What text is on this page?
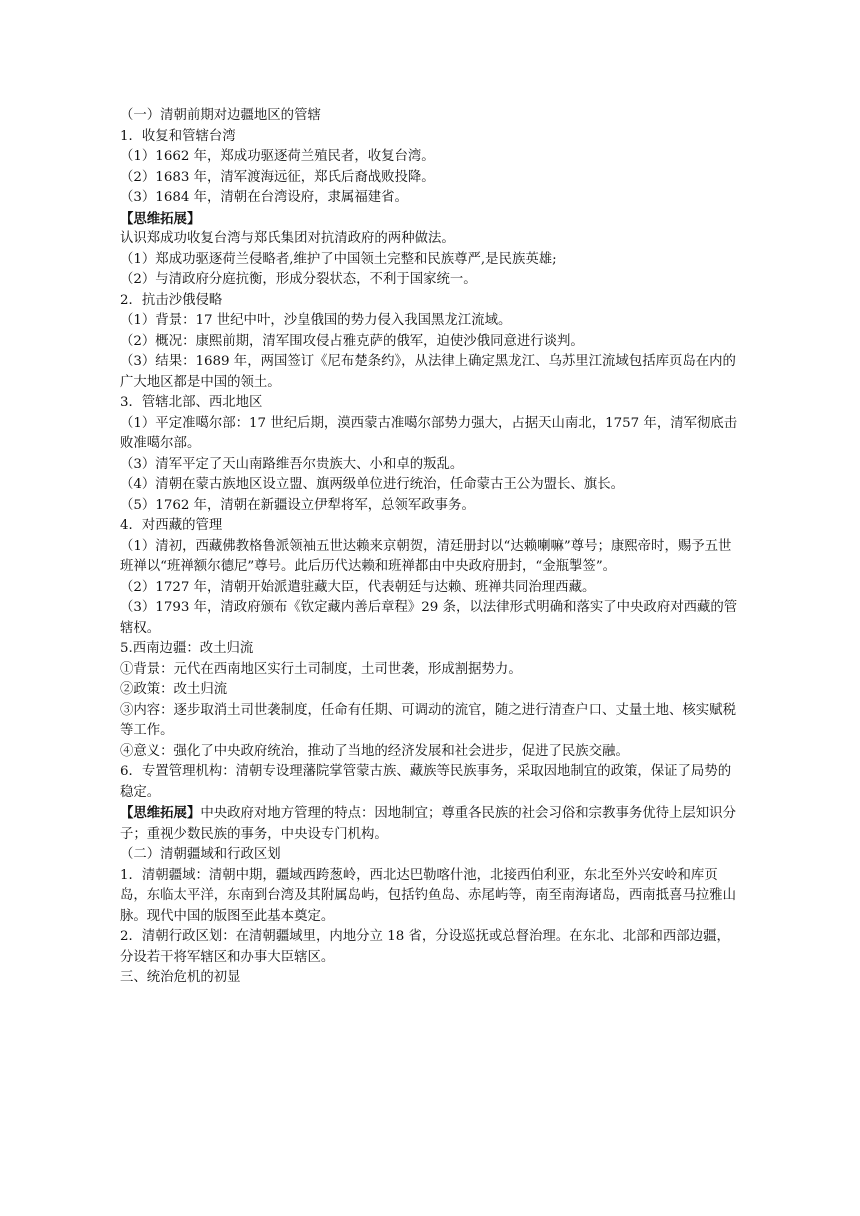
（一）清朝前期对边疆地区的管辖

1．收复和管辖台湾

（1）1662 年，郑成功驱逐荷兰殖民者，收复台湾。

（2）1683 年，清军渡海远征，郑氏后裔战败投降。

（3）1684 年，清朝在台湾设府，隶属福建省。

【思维拓展】

认识郑成功收复台湾与郑氏集团对抗清政府的两种做法。

（1）郑成功驱逐荷兰侵略者,维护了中国领土完整和民族尊严,是民族英雄;

（2）与清政府分庭抗衡，形成分裂状态，不利于国家统一。

2．抗击沙俄侵略

（1）背景：17 世纪中叶，沙皇俄国的势力侵入我国黑龙江流域。

（2）概况：康熙前期，清军围攻侵占雅克萨的俄军，迫使沙俄同意进行谈判。

（3）结果：1689 年，两国签订《尼布楚条约》，从法律上确定黑龙江、乌苏里江流域包括库页岛在内的广大地区都是中国的领土。

3．管辖北部、西北地区

（1）平定准噶尔部：17 世纪后期，漠西蒙古准噶尔部势力强大，占据天山南北，1757 年，清军彻底击败准噶尔部。

（3）清军平定了天山南路维吾尔贵族大、小和卓的叛乱。

（4）清朝在蒙古族地区设立盟、旗两级单位进行统治，任命蒙古王公为盟长、旗长。

（5）1762 年，清朝在新疆设立伊犁将军，总领军政事务。

4．对西藏的管理

（1）清初，西藏佛教格鲁派领袖五世达赖来京朝贺，清廷册封以“达赖喇嘛”尊号；康熙帝时，赐予五世班禅以“班禅额尔德尼”尊号。此后历代达赖和班禅都由中央政府册封，“金瓶掣签”。

（2）1727 年，清朝开始派遣驻藏大臣，代表朝廷与达赖、班禅共同治理西藏。

（3）1793 年，清政府颁布《钦定藏内善后章程》29 条，以法律形式明确和落实了中央政府对西藏的管辖权。

5.西南边疆：改土归流

①背景：元代在西南地区实行土司制度，土司世袭，形成割据势力。

②政策：改土归流

③内容：逐步取消土司世袭制度，任命有任期、可调动的流官，随之进行清查户口、丈量土地、核实赋税等工作。

④意义：强化了中央政府统治，推动了当地的经济发展和社会进步，促进了民族交融。

6．专置管理机构：清朝专设理藩院掌管蒙古族、藏族等民族事务，采取因地制宜的政策，保证了局势的稳定。

【思维拓展】中央政府对地方管理的特点：因地制宜；尊重各民族的社会习俗和宗教事务优待上层知识分子；重视少数民族的事务，中央设专门机构。

（二）清朝疆域和行政区划

1．清朝疆域：清朝中期，疆域西跨葱岭，西北达巴勒喀什池，北接西伯利亚，东北至外兴安岭和库页岛，东临太平洋，东南到台湾及其附属岛屿，包括钓鱼岛、赤尾屿等，南至南海诸岛，西南抵喜马拉雅山脉。现代中国的版图至此基本奠定。

2．清朝行政区划：在清朝疆域里，内地分立 18 省，分设巡抚或总督治理。在东北、北部和西部边疆，分设若干将军辖区和办事大臣辖区。

三、统治危机的初显
